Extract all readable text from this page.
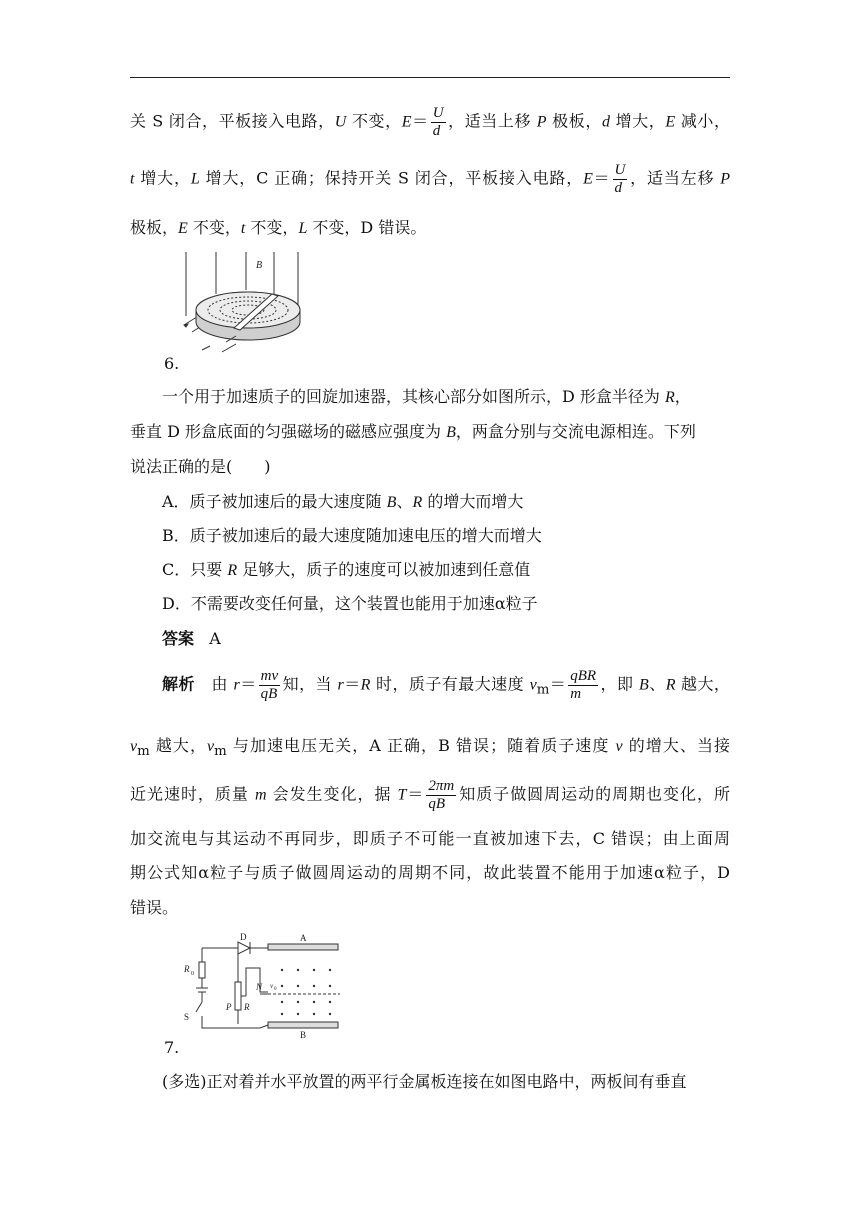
关 S 闭合，平板接入电路，U 不变，$E= \frac{U}{d}$ ，适当上移 P 极板，d 增大，E 减小，
t 增大，L 增大，C 正确；保持开关 S 闭合，平板接入电路，$E= \frac{U}{d}$ ，适当左移 P
极板，E 不变，t 不变，L 不变，D 错误。
B
6.
一个用于加速质子的回旋加速器，其核心部分如图所示，D 形盒半径为 R，
垂直 D 形盒底面的匀强磁场的磁感应强度为 B，两盒分别与交流电源相连。下列
说法正确的是(　　)
A．质子被加速后的最大速度随 B、R 的增大而增大
B．质子被加速后的最大速度随加速电压的增大而增大
C．只要 R 足够大，质子的速度可以被加速到任意值
D．不需要改变任何量，这个装置也能用于加速α粒子
答案 A
解析 由 $r= \frac{mv}{qB}$ 知，当 r＝R 时，质子有最大速度 $v_m= \frac{\text{qBR}}{m}$ ，即 B、R 越大，
$v_m$ 越大，$v_m$ 与加速电压无关，A 正确，B 错误；随着质子速度 v 的增大、当接
近光速时，质量 m 会发生变化，据 $T= \frac{2\pi m}{qB}$ 知质子做圆周运动的周期也变化，所
加交流电与其运动不再同步，即质子不可能一直被加速下去，C 错误；由上面周
期公式知α粒子与质子做圆周运动的周期不同，故此装置不能用于加速α粒子，D
错误。
D	A
B
R 0
S
P R
N v 0
7.
(多选)正对着并水平放置的两平行金属板连接在如图电路中，两板间有垂直
